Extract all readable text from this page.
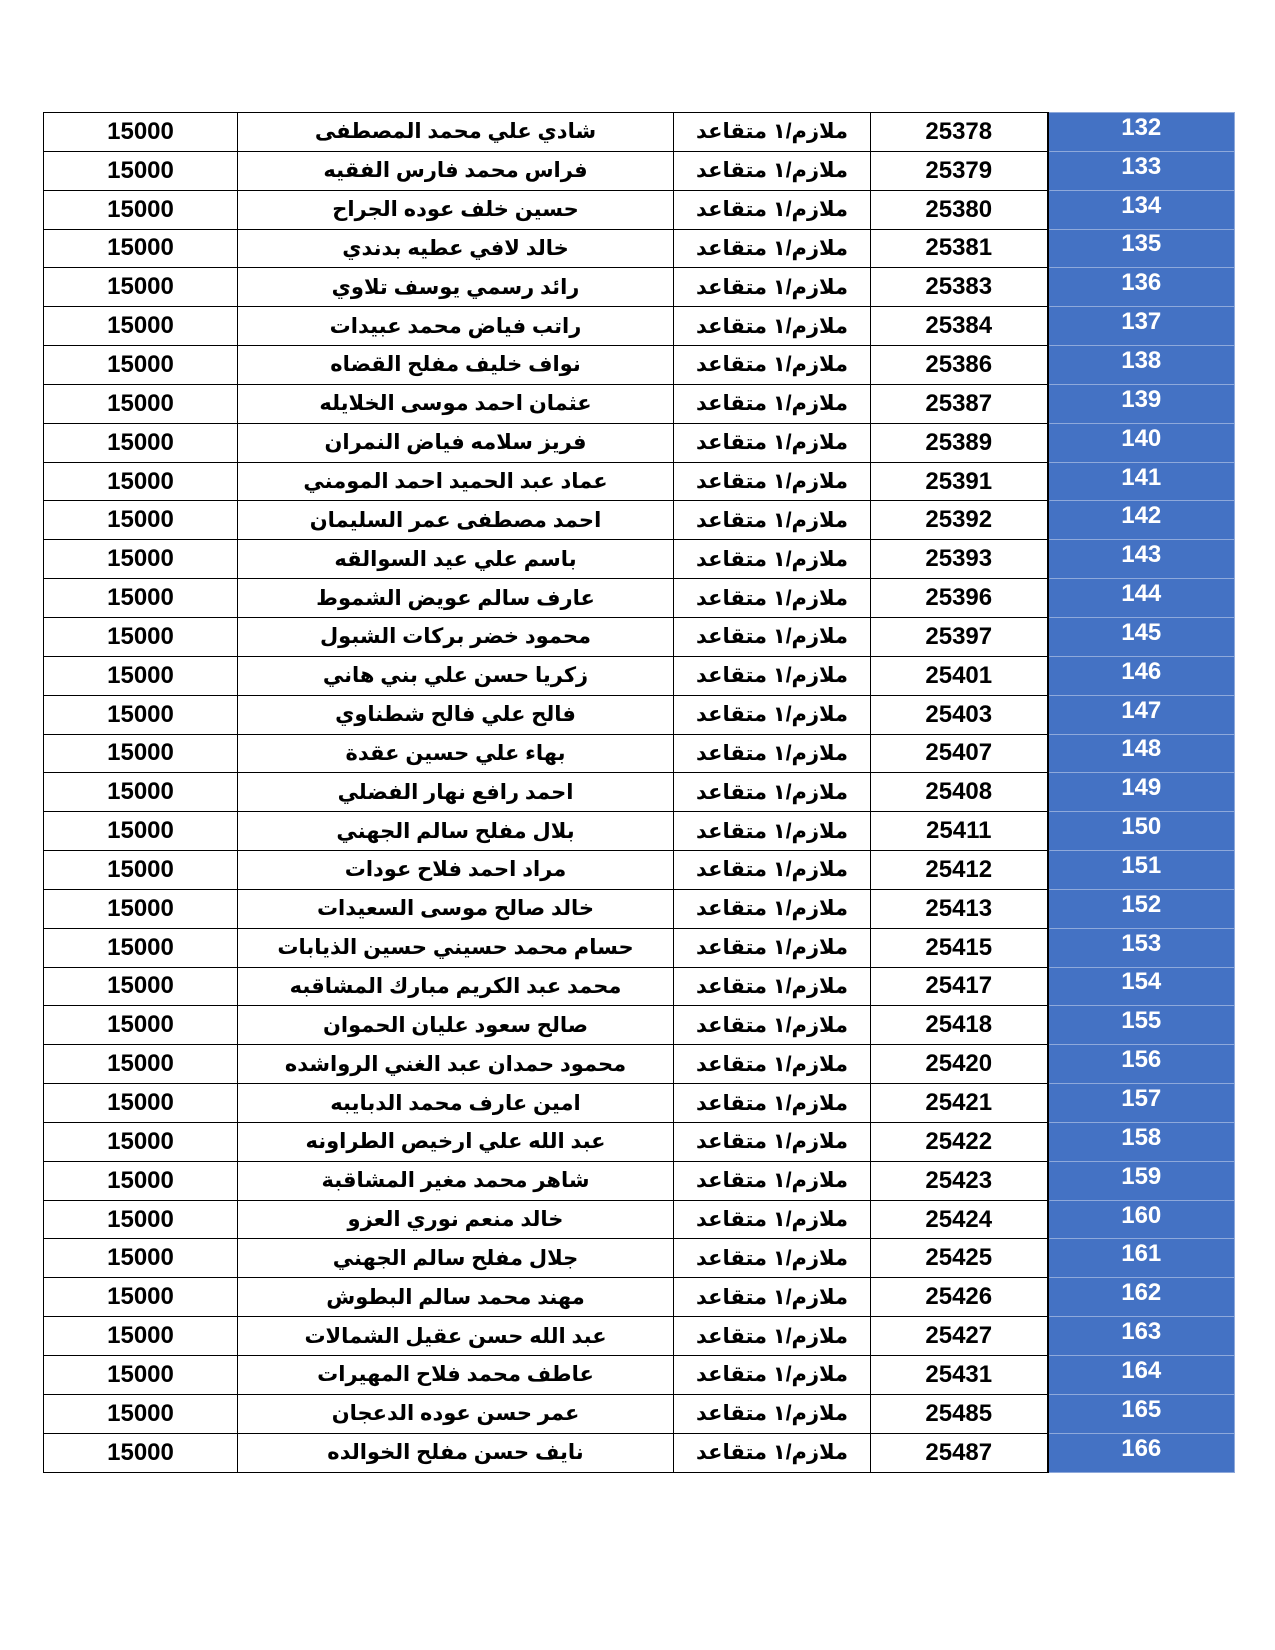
15000	شادي علي محمد المصطفى	ملازم/١ متقاعد	25378	132
15000	فراس محمد فارس الفقيه	ملازم/١ متقاعد	25379	133
15000	حسين خلف عوده الجراح	ملازم/١ متقاعد	25380	134
15000	خالد لافي عطيه بدندي	ملازم/١ متقاعد	25381	135
15000	رائد رسمي يوسف تلاوي	ملازم/١ متقاعد	25383	136
15000	راتب فياض محمد عبيدات	ملازم/١ متقاعد	25384	137
15000	نواف خليف مفلح القضاه	ملازم/١ متقاعد	25386	138
15000	عثمان احمد موسى الخلايله	ملازم/١ متقاعد	25387	139
15000	فريز سلامه فياض النمران	ملازم/١ متقاعد	25389	140
15000	عماد عبد الحميد احمد المومني	ملازم/١ متقاعد	25391	141
15000	احمد مصطفى عمر السليمان	ملازم/١ متقاعد	25392	142
15000	باسم علي عيد السوالقه	ملازم/١ متقاعد	25393	143
15000	عارف سالم عويض الشموط	ملازم/١ متقاعد	25396	144
15000	محمود خضر بركات الشبول	ملازم/١ متقاعد	25397	145
15000	زكريا حسن علي بني هاني	ملازم/١ متقاعد	25401	146
15000	فالح علي فالح شطناوي	ملازم/١ متقاعد	25403	147
15000	بهاء علي حسين عقدة	ملازم/١ متقاعد	25407	148
15000	احمد رافع نهار الفضلي	ملازم/١ متقاعد	25408	149
15000	بلال مفلح سالم الجهني	ملازم/١ متقاعد	25411	150
15000	مراد احمد فلاح عودات	ملازم/١ متقاعد	25412	151
15000	خالد صالح موسى السعيدات	ملازم/١ متقاعد	25413	152
15000	حسام محمد حسيني حسين الذيابات	ملازم/١ متقاعد	25415	153
15000	محمد عبد الكريم مبارك المشاقبه	ملازم/١ متقاعد	25417	154
15000	صالح سعود عليان الحموان	ملازم/١ متقاعد	25418	155
15000	محمود حمدان عبد الغني الرواشده	ملازم/١ متقاعد	25420	156
15000	امين عارف محمد الدبايبه	ملازم/١ متقاعد	25421	157
15000	عبد الله علي ارخيص الطراونه	ملازم/١ متقاعد	25422	158
15000	شاهر محمد مغير المشاقبة	ملازم/١ متقاعد	25423	159
15000	خالد منعم نوري العزو	ملازم/١ متقاعد	25424	160
15000	جلال مفلح سالم الجهني	ملازم/١ متقاعد	25425	161
15000	مهند محمد سالم البطوش	ملازم/١ متقاعد	25426	162
15000	عبد الله حسن عقيل الشمالات	ملازم/١ متقاعد	25427	163
15000	عاطف محمد فلاح المهيرات	ملازم/١ متقاعد	25431	164
15000	عمر حسن عوده الدعجان	ملازم/١ متقاعد	25485	165
15000	نايف حسن مفلح الخوالده	ملازم/١ متقاعد	25487	166
